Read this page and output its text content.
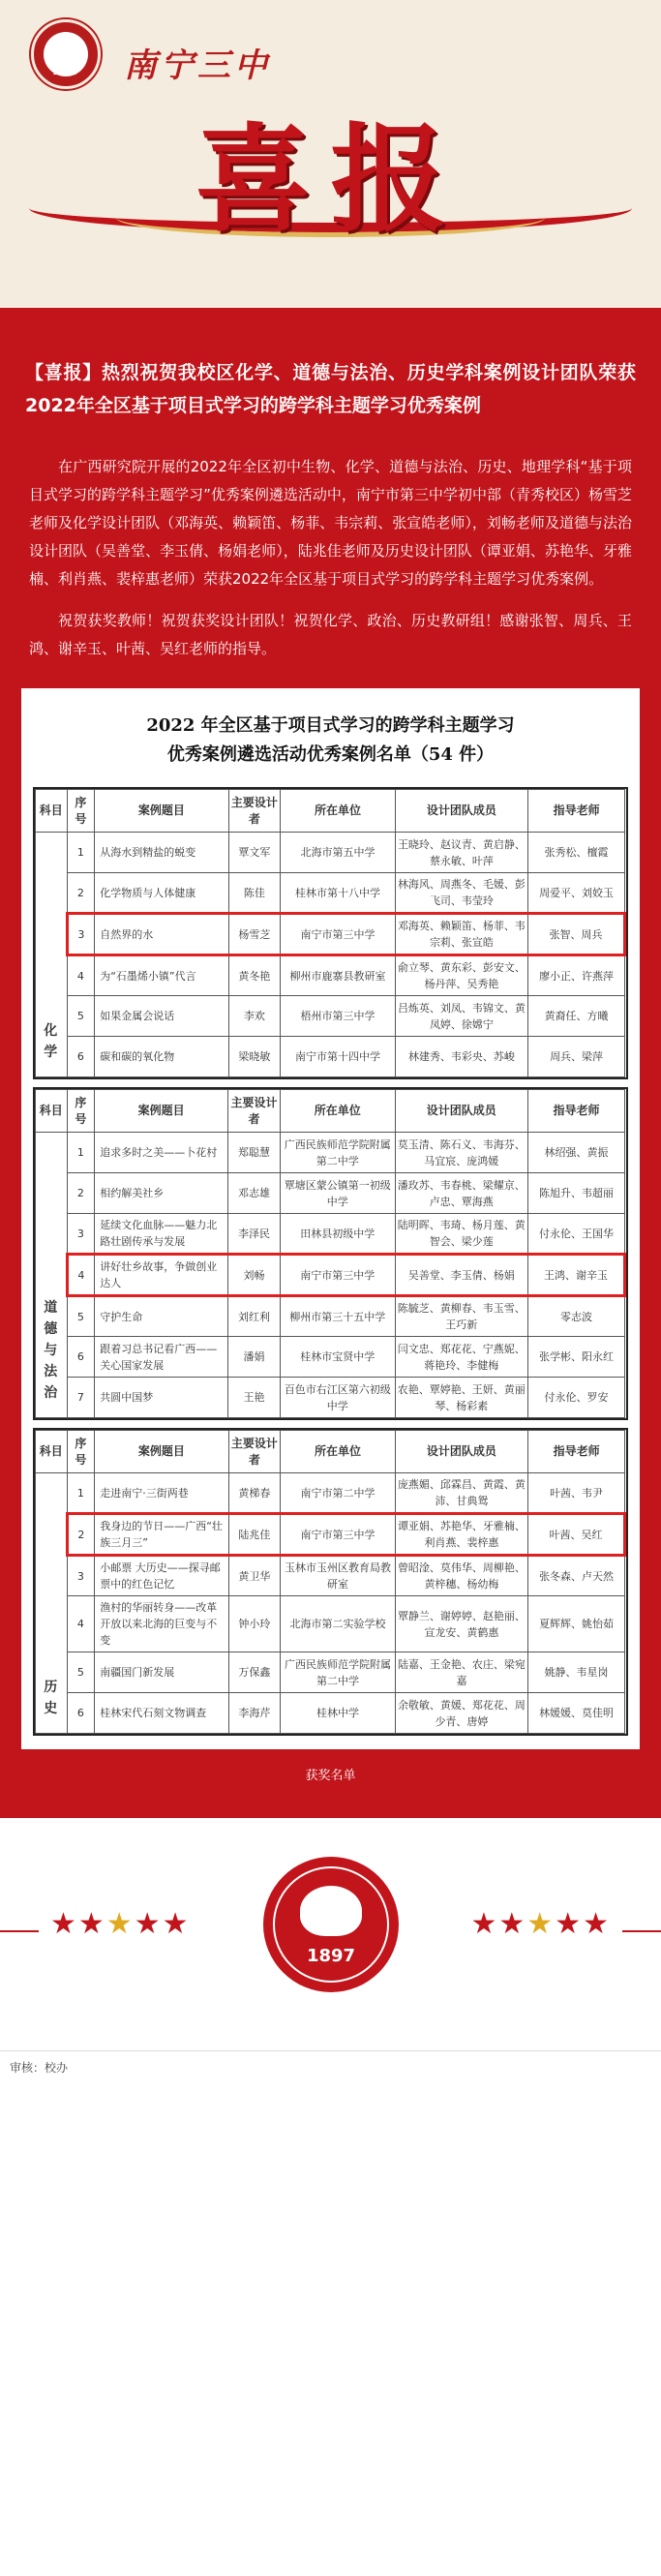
1897	南宁三中
喜报
【喜报】热烈祝贺我校区化学、道德与法治、历史学科案例设计团队荣获2022年全区基于项目式学习的跨学科主题学习优秀案例

在广西研究院开展的2022年全区初中生物、化学、道德与法治、历史、地理学科“基于项目式学习的跨学科主题学习”优秀案例遴选活动中，南宁市第三中学初中部（青秀校区）杨雪芝老师及化学设计团队（邓海英、赖颖笛、杨菲、韦宗莉、张宣皓老师），刘畅老师及道德与法治设计团队（吴善堂、李玉倩、杨娟老师），陆兆佳老师及历史设计团队（谭亚娟、苏艳华、牙雅楠、利肖燕、裴梓惠老师）荣获2022年全区基于项目式学习的跨学科主题学习优秀案例。

祝贺获奖教师！祝贺获奖设计团队！祝贺化学、政治、历史教研组！感谢张智、周兵、王鸿、谢辛玉、叶茜、吴红老师的指导。

2022 年全区基于项目式学习的跨学科主题学习
优秀案例遴选活动优秀案例名单（54 件）
科目	序号	案例题目	主要设计者	所在单位	设计团队成员	指导老师
化学	1	从海水到精盐的蜕变	覃文军	北海市第五中学	王晓玲、赵议青、黄启静、蔡永敏、叶萍	张秀松、檀霞
	2	化学物质与人体健康	陈佳	桂林市第十八中学	林海风、周燕冬、毛媛、彭飞司、韦莹玲	周爱平、刘姣玉
	3	自然界的水	杨雪芝	南宁市第三中学	邓海英、赖颖笛、杨菲、韦宗莉、张宣皓	张智、周兵
	4	为“石墨烯小镇”代言	黄冬艳	柳州市鹿寨县教研室	俞立琴、黄东彩、彭安文、杨丹萍、吴秀艳	廖小正、许燕萍
	5	如果金属会说话	李欢	梧州市第三中学	吕炼英、刘凤、韦锦文、黄凤婷、徐嫦宁	黄裔任、方曦
	6	碳和碳的氧化物	梁晓敏	南宁市第十四中学	林建秀、韦彩央、苏峻	周兵、梁萍
科目	序号	案例题目	主要设计者	所在单位	设计团队成员	指导老师
道德与法治	1	追求多时之美——卜花村	郑聪慧	广西民族师范学院附属第二中学	莫玉清、陈石义、韦海芬、马宜宸、庞鸿媛	林绍强、黄振
	2	相约解美社乡	邓志雄	覃塘区蒙公镇第一初级中学	潘玫苏、韦春桃、梁耀京、卢忠、覃海燕	陈旭升、韦超丽
	3	延续文化血脉——魅力北路壮剧传承与发展	李泽民	田林县初级中学	陆明晖、韦琦、杨月莲、黄智会、梁少莲	付永伦、王国华
	4	讲好壮乡故事，争做创业达人	刘畅	南宁市第三中学	吴善堂、李玉倩、杨娟	王鸿、谢辛玉
	5	守护生命	刘红利	柳州市第三十五中学	陈毓芝、黄柳春、韦玉雪、王巧新	零志波
	6	跟着习总书记看广西——关心国家发展	潘娟	桂林市宝贤中学	闫文忠、郑花花、宁燕妮、蒋艳玲、李健梅	张学彬、阳永红
	7	共圆中国梦	王艳	百色市右江区第六初级中学	农艳、覃婷艳、王妍、黄丽琴、杨彩素	付永伦、罗安
科目	序号	案例题目	主要设计者	所在单位	设计团队成员	指导老师
历史	1	走进南宁·三街两巷	黄梯春	南宁市第二中学	庞燕媚、邱霖昌、黄霞、黄沛、甘典鸳	叶茜、韦尹
	2	我身边的节日——广西“壮族三月三”	陆兆佳	南宁市第三中学	谭亚娟、苏艳华、牙雅楠、利肖燕、裴梓惠	叶茜、吴红
	3	小邮票 大历史——探寻邮票中的红色记忆	黄卫华	玉林市玉州区教育局教研室	曾昭淦、莫伟华、周柳艳、黄梓穗、杨幼梅	张冬森、卢天然
	4	渔村的华丽转身——改革开放以来北海的巨变与不变	钟小玲	北海市第二实验学校	覃静兰、谢婷婷、赵艳丽、宣龙安、黄鹤惠	夏辉辉、姚怡茹
	5	南疆国门新发展	万保鑫	广西民族师范学院附属第二中学	陆嘉、王金艳、农庄、梁宛嘉	姚静、韦星岗
	6	桂林宋代石刻文物调查	李海芹	桂林中学	余敬敏、黄媛、郑花花、周少青、唐婷	林媛媛、莫佳明
获奖名单
★★★★★	★★★★★
1897
审核：校办
